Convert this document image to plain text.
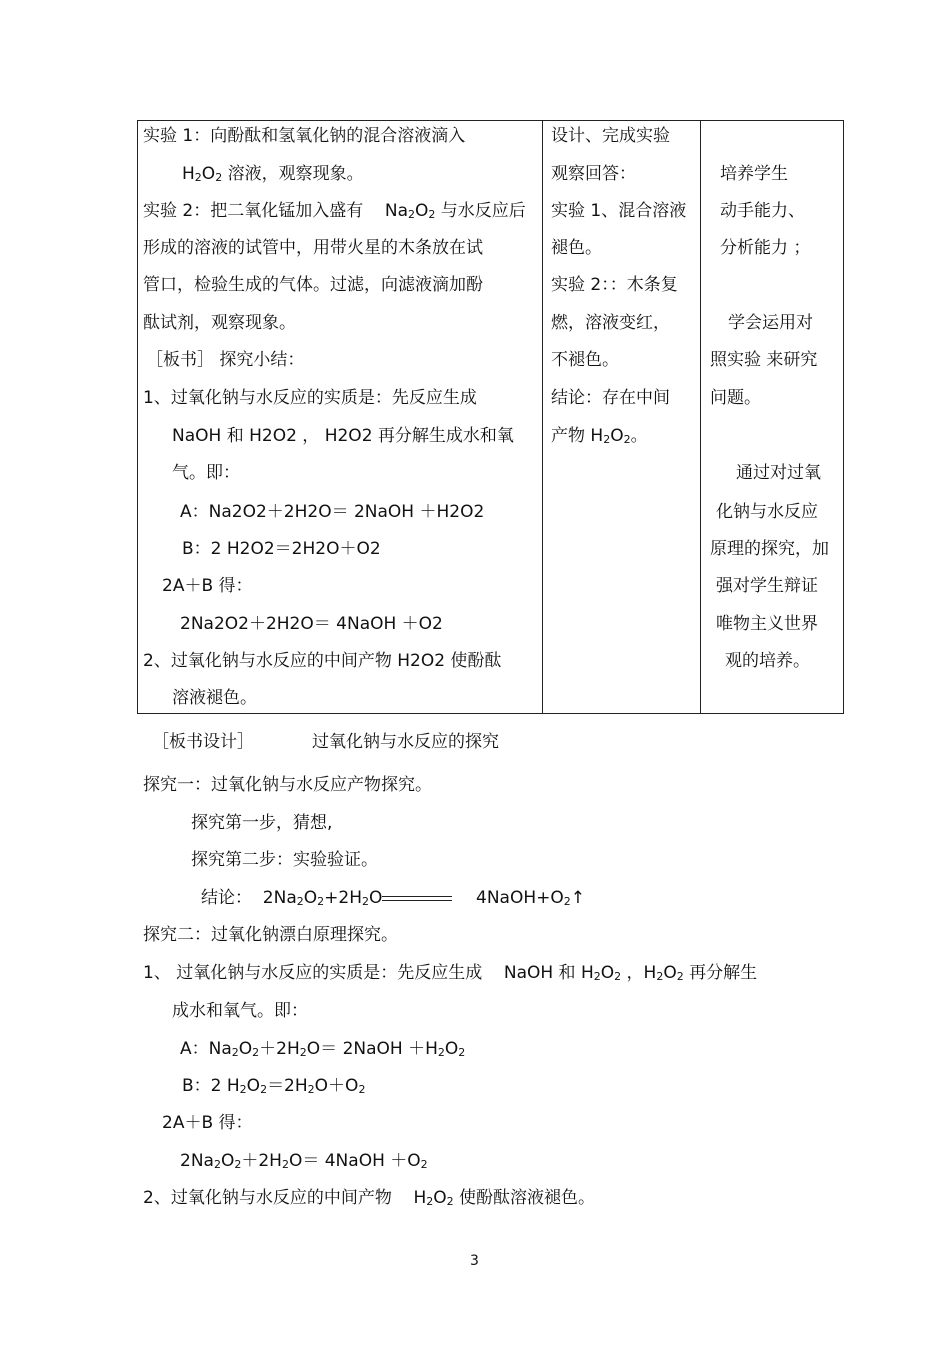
实验 1：向酚酞和氢氧化钠的混合溶液滴入
$H_2O_2$ 溶液，观察现象。
实验 2：把二氧化锰加入盛有    $Na_2O_2$ 与水反应后
形成的溶液的试管中，用带火星的木条放在试
管口，检验生成的气体。过滤，向滤液滴加酚
酞试剂，观察现象。
［板书］ 探究小结：
1、过氧化钠与水反应的实质是：先反应生成
NaOH 和 H2O2 ， H2O2 再分解生成水和氧
气。即：
A：Na2O2＋2H2O＝ 2NaOH ＋H2O2
B：2 H2O2＝2H2O＋O2
2A＋B 得：
2Na2O2＋2H2O＝ 4NaOH ＋O2
2、过氧化钠与水反应的中间产物 H2O2 使酚酞
溶液褪色。
设计、完成实验
观察回答：
实验 1、混合溶液
褪色。
实验 2：：木条复
燃，溶液变红，
不褪色。
结论：存在中间
产物 $H_2O_2$。
培养学生
动手能力、
分析能力 ；
学会运用对
照实验 来研究
问题。
通过对过氧
化钠与水反应
原理的探究，加
强对学生辩证
唯物主义世界
观的培养。
［板书设计］	过氧化钠与水反应的探究
探究一：过氧化钠与水反应产物探究。
探究第一步，猜想,
探究第二步：实验验证。
结论：  $2Na_2O_2+2H_2O$	$4NaOH+O_2↑$
探究二：过氧化钠漂白原理探究。
1、 过氧化钠与水反应的实质是：先反应生成    NaOH 和 $H_2O_2$ ，$H_2O_2$ 再分解生
成水和氧气。即：
A：$Na_2O_2+2H_2O=$ 2NaOH $+H_2O_2$
B：2 $H_2O_2=2H_2O+O_2$
2A＋B 得：
$2Na_2O_2+2H_2O=$ 4NaOH $+O_2$
2、过氧化钠与水反应的中间产物    $H_2O_2$ 使酚酞溶液褪色。
3
